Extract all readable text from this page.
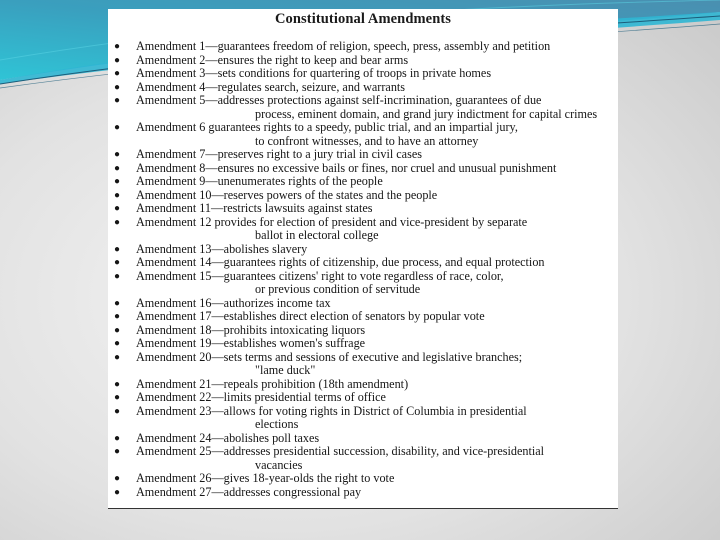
Constitutional Amendments
● Amendment 1—guarantees freedom of religion, speech, press, assembly and petition
● Amendment 2—ensures the right to keep and bear arms
● Amendment 3—sets conditions for quartering of troops in private homes
● Amendment 4—regulates search, seizure, and warrants
● Amendment 5—addresses protections against self-incrimination, guarantees of due
process, eminent domain, and grand jury indictment for capital crimes
● Amendment 6 guarantees rights to a speedy, public trial, and an impartial jury,
to confront witnesses, and to have an attorney
● Amendment 7—preserves right to a jury trial in civil cases
● Amendment 8—ensures no excessive bails or fines, nor cruel and unusual punishment
● Amendment 9—unenumerates rights of the people
● Amendment 10—reserves powers of the states and the people
● Amendment 11—restricts lawsuits against states
● Amendment 12 provides for election of president and vice-president by separate
ballot in electoral college
● Amendment 13—abolishes slavery
● Amendment 14—guarantees rights of citizenship, due process, and equal protection
● Amendment 15—guarantees citizens' right to vote regardless of race, color,
or previous condition of servitude
● Amendment 16—authorizes income tax
● Amendment 17—establishes direct election of senators by popular vote
● Amendment 18—prohibits intoxicating liquors
● Amendment 19—establishes women's suffrage
● Amendment 20—sets terms and sessions of executive and legislative branches;
"lame duck"
● Amendment 21—repeals prohibition (18th amendment)
● Amendment 22—limits presidential terms of office
● Amendment 23—allows for voting rights in District of Columbia in presidential
elections
● Amendment 24—abolishes poll taxes
● Amendment 25—addresses presidential succession, disability, and vice-presidential
vacancies
● Amendment 26—gives 18-year-olds the right to vote
● Amendment 27—addresses congressional pay
